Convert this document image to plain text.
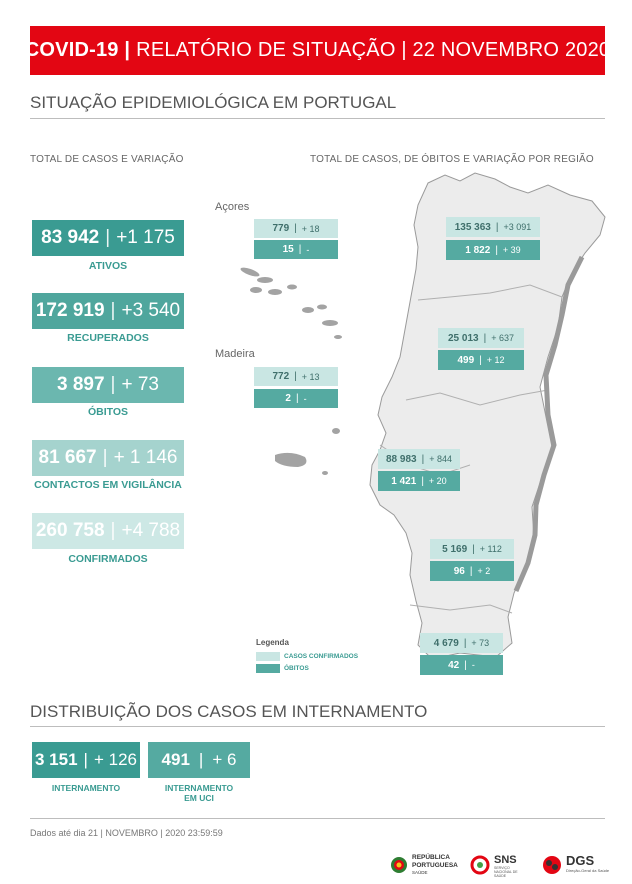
COVID-19 | RELATÓRIO DE SITUAÇÃO | 22 NOVEMBRO 2020
SITUAÇÃO EPIDEMIOLÓGICA EM PORTUGAL
TOTAL DE CASOS E VARIAÇÃO	TOTAL DE CASOS, DE ÓBITOS E VARIAÇÃO POR REGIÃO
83 942 | +1 175
ATIVOS
172 919 | +3 540
RECUPERADOS
3 897 | + 73
ÓBITOS
81 667 | + 1 146
CONTACTOS EM VIGILÂNCIA
260 758 | +4 788
CONFIRMADOS
Açores
Madeira
779 | + 18
15 | -
772 | + 13
2 | -
135 363 | +3 091
1 822 | + 39
25 013 | + 637
499 | + 12
88 983 | + 844
1 421 | + 20
5 169 | + 112
96 | + 2
4 679 | + 73
42 | -
Legenda
CASOS CONFIRMADOS
ÓBITOS
DISTRIBUIÇÃO DOS CASOS EM INTERNAMENTO
3 151 | + 126
INTERNAMENTO
491 | + 6
INTERNAMENTO
EM UCI
Dados até dia 21 | NOVEMBRO | 2020 23:59:59
REPÚBLICA
PORTUGUESA
SAÚDE
SNS
SERVIÇO NACIONAL DE SAÚDE
DGS
Direção-Geral da Saúde
